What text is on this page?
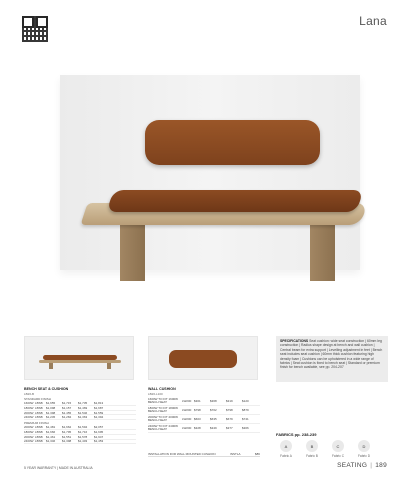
Lana
SPECIFICATIONS Seat cushion: wide seat construction | 60mm leg construction | Radius shape design at bench and wall cushion | Central beam for extra support | Levelling adjustment in feet | Bench seat includes seat cushion | 60mm thick cushion featuring high density foam | Cushions can be upholstered in a wide range of fabrics | Seat cushion is fixed to bench seat | Standard or premium finish for bench available, see pp. 204-207
BENCH SEAT & CUSHION
LB26-B
STANDARD FINISH
1600W LBSB	$1,655	$1,715	$1,735	$1,813
1800W LBSB	$1,098	$1,157	$1,469	$1,687
2000W LBSB	$1,398	$1,455	$1,546	$1,559
2400W LBSB	$1,245	$1,284	$1,363	$1,394
PREMIUM FINISH
2000W LBSB	$1,481	$1,662	$1,594	$2,057
1800W LBSB	$1,666	$1,795	$1,716	$1,695
2000W LBSB	$1,461	$1,551	$1,578	$1,947
2400W LBSB	$1,346	$1,398	$1,403	$1,453
WALL CUSHION
LB26-L100
1600W TO FIT 1600W BENCH SEAT	LW200 $301	$368	$319	$120
1800W TO FIT 1800W BENCH SEAT	LW200 $798	$702	$798	$879
2000W TO FIT 2000W BENCH SEAT	LW200 $603	$635	$679	$741
2400W TO FIT 2400W BENCH SEAT	LW200 $328	$349	$377	$306
INSTALLATION FOR WALL MOUNTED CUSHION	INSTLA	$86
FABRICS pp. 238-239
A
Fabric A
B
Fabric B
C
Fabric C
D
Fabric D
5 YEAR WARRANTY | MADE IN AUSTRALIA	SEATING | 189
